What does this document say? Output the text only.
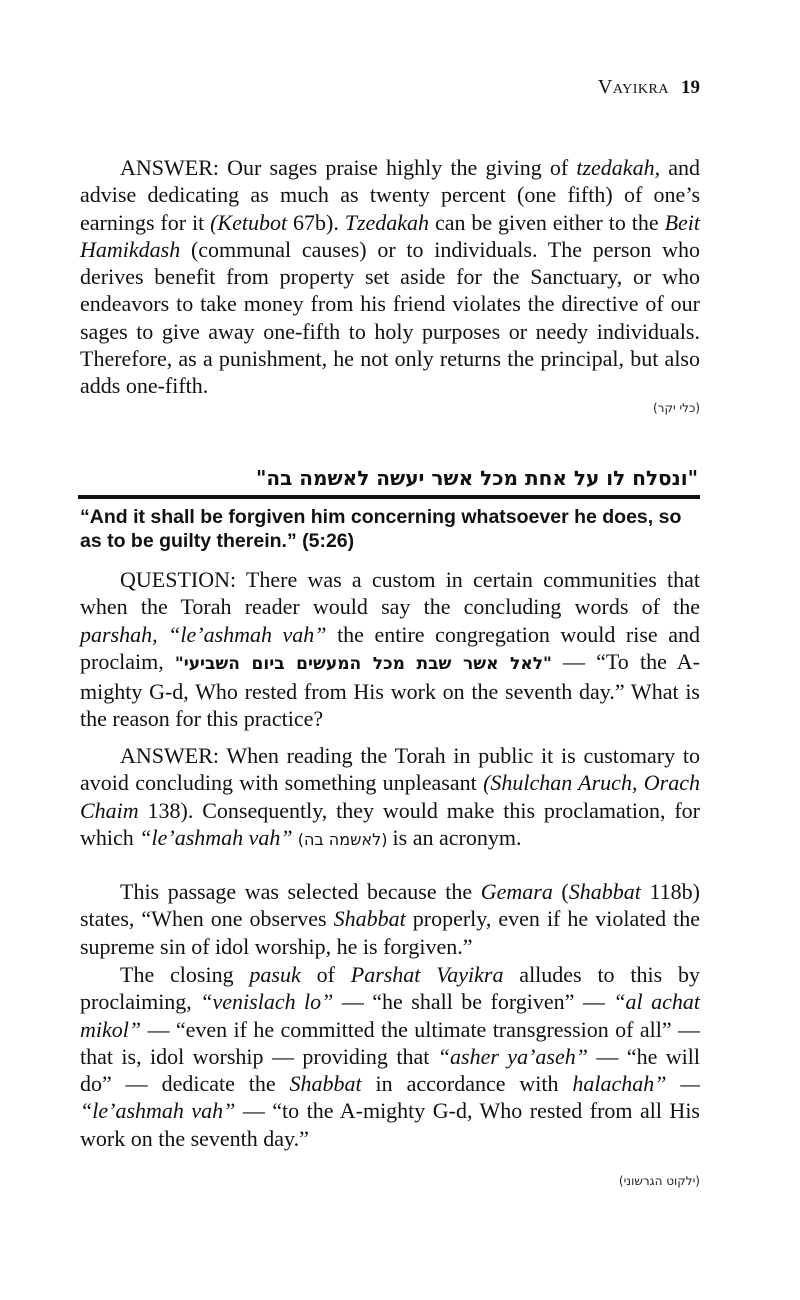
Vayikra 19

ANSWER: Our sages praise highly the giving of tzedakah, and advise dedicating as much as twenty percent (one fifth) of one’s earnings for it (Ketubot 67b). Tzedakah can be given either to the Beit Hamikdash (communal causes) or to individuals. The person who derives benefit from property set aside for the Sanctuary, or who endeavors to take money from his friend violates the directive of our sages to give away one-fifth to holy purposes or needy individuals. Therefore, as a punishment, he not only returns the principal, but also adds one-fifth.

(כלי יקר)

"ונסלח לו על אחת מכל אשר יעשה לאשמה בה"

“And it shall be forgiven him concerning whatsoever he does, so as to be guilty therein.” (5:26)

QUESTION: There was a custom in certain communities that when the Torah reader would say the concluding words of the parshah, “le’ashmah vah” the entire congregation would rise and proclaim, "לאל אשר שבת מכל המעשים ביום השביעי" — “To the A-mighty G-d, Who rested from His work on the seventh day.” What is the reason for this practice?

ANSWER: When reading the Torah in public it is customary to avoid concluding with something unpleasant (Shulchan Aruch, Orach Chaim 138). Consequently, they would make this proclamation, for which “le’ashmah vah” (לאשמה בה) is an acronym.

This passage was selected because the Gemara (Shabbat 118b) states, “When one observes Shabbat properly, even if he violated the supreme sin of idol worship, he is forgiven.”

The closing pasuk of Parshat Vayikra alludes to this by proclaiming, “venislach lo” — “he shall be forgiven” — “al achat mikol” — “even if he committed the ultimate transgression of all” — that is, idol worship — providing that “asher ya’aseh” — “he will do” — dedicate the Shabbat in accordance with halachah” — “le’ashmah vah” — “to the A-mighty G-d, Who rested from all His work on the seventh day.”

(ילקוט הגרשוני)
